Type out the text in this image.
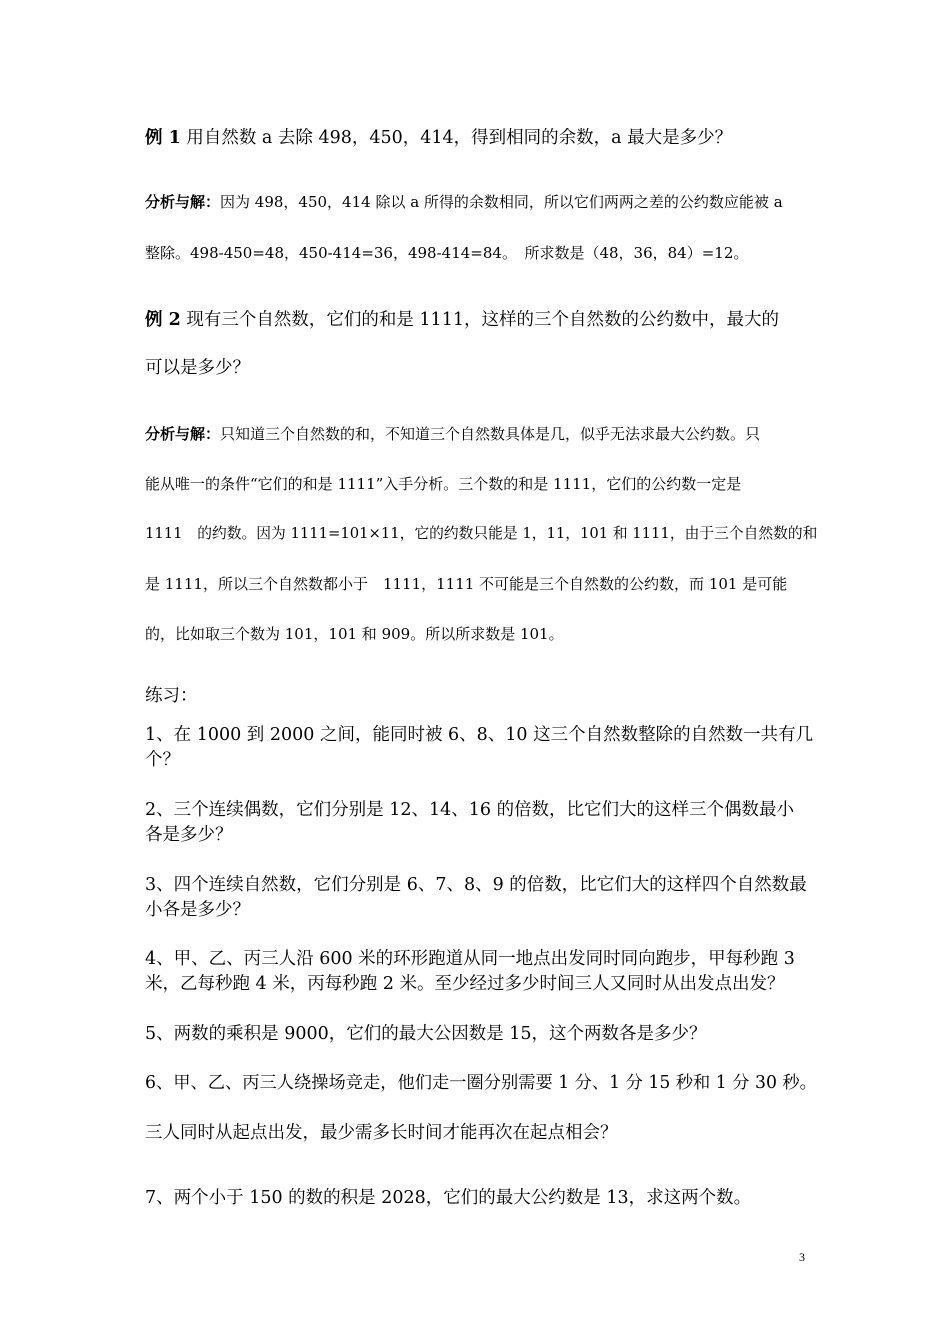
例 1 用自然数 a 去除 498，450，414，得到相同的余数，a 最大是多少？
分析与解：因为 498，450，414 除以 a 所得的余数相同，所以它们两两之差的公约数应能被 a
整除。498-450=48，450-414=36，498-414=84。　所求数是（48，36，84）=12。
例 2 现有三个自然数，它们的和是 1111，这样的三个自然数的公约数中，最大的
可以是多少？
分析与解：只知道三个自然数的和，不知道三个自然数具体是几，似乎无法求最大公约数。只
能从唯一的条件“它们的和是 1111”入手分析。三个数的和是 1111，它们的公约数一定是
1111　的约数。因为 1111=101×11，它的约数只能是 1，11，101 和 1111，由于三个自然数的和
是 1111，所以三个自然数都小于　1111，1111 不可能是三个自然数的公约数，而 101 是可能
的，比如取三个数为 101，101 和 909。所以所求数是 101。
练习：
1、在 1000 到 2000 之间，能同时被 6、8、10 这三个自然数整除的自然数一共有几
个？
2、三个连续偶数，它们分别是 12、14、16 的倍数，比它们大的这样三个偶数最小
各是多少？
3、四个连续自然数，它们分别是 6、7、8、9 的倍数，比它们大的这样四个自然数最
小各是多少？
4、甲、乙、丙三人沿 600 米的环形跑道从同一地点出发同时同向跑步，甲每秒跑 3
米，乙每秒跑 4 米，丙每秒跑 2 米。至少经过多少时间三人又同时从出发点出发？
5、两数的乘积是 9000，它们的最大公因数是 15，这个两数各是多少？
6、甲、乙、丙三人绕操场竞走，他们走一圈分别需要 1 分、1 分 15 秒和 1 分 30 秒。
三人同时从起点出发，最少需多长时间才能再次在起点相会？
7、两个小于 150 的数的积是 2028，它们的最大公约数是 13，求这两个数。
3
